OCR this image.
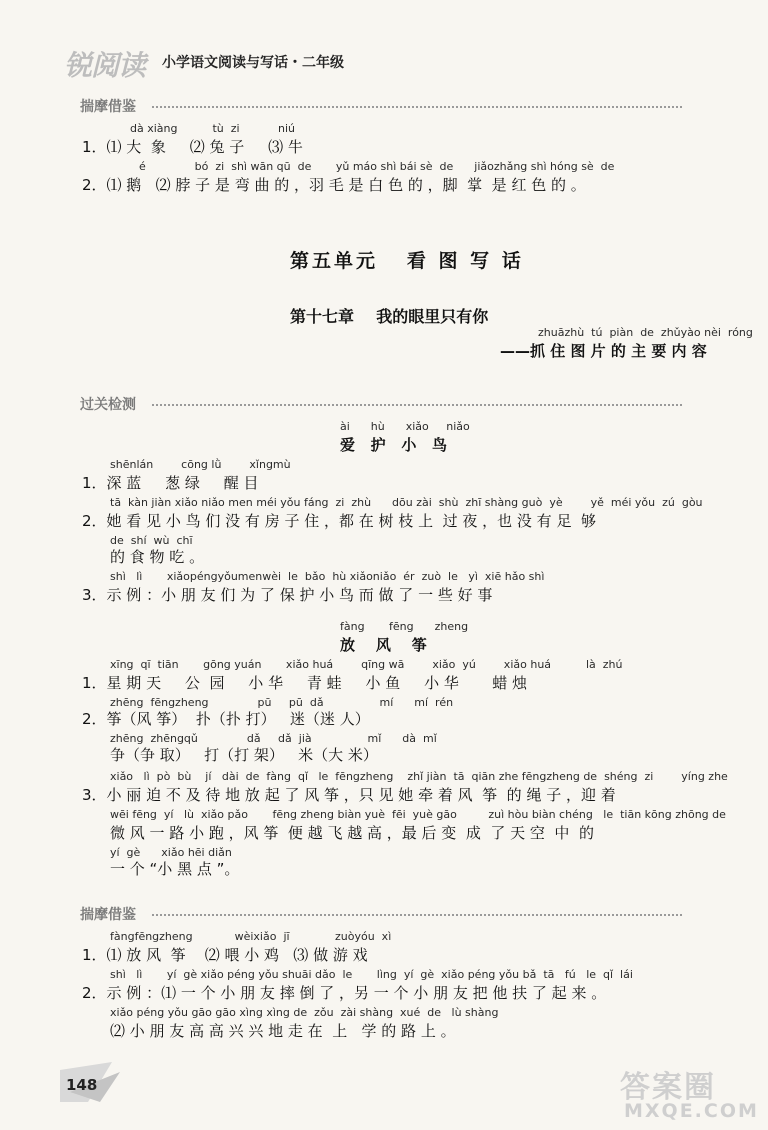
锐阅读	小学语文阅读与写话・二年级
揣摩借鉴
dà xiàng          tù  zi           niú
1．⑴ 大  象     ⑵ 兔 子     ⑶ 牛
é              bó  zi  shì wān qū  de       yǔ máo shì bái sè  de      jiǎozhǎng shì hóng sè  de
2．⑴ 鹅   ⑵ 脖 子 是 弯 曲 的 ，羽 毛 是 白 色 的 ，脚  掌  是 红 色 的 。
第五单元   看 图 写 话
第十七章    我的眼里只有你
zhuāzhù  tú  piàn  de  zhǔyào nèi  róng
——抓 住 图 片 的 主 要 内 容
过关检测
ài      hù      xiǎo     niǎo
爱   护   小   鸟
shēnlán        cōng lǜ        xǐngmù
1．深 蓝     葱 绿     醒 目
tā  kàn jiàn xiǎo niǎo men méi yǒu fáng  zi  zhù      dōu zài  shù  zhī shàng guò  yè        yě  méi yǒu  zú  gòu
2．她 看 见 小 鸟 们 没 有 房 子 住 ，都 在 树 枝 上  过 夜 ，也 没 有 足  够
de  shí  wù  chī
的 食 物 吃 。
shì   lì       xiǎopéngyǒumenwèi  le  bǎo  hù xiǎoniǎo  ér  zuò  le   yì  xiē hǎo shì
3．示 例 ：小 朋 友 们 为 了 保 护 小 鸟 而 做 了 一 些 好 事
fàng       fēng      zheng
放    风    筝
xīng  qī  tiān       gōng yuán       xiǎo huá        qīng wā        xiǎo  yú        xiǎo huá          là  zhú
1．星 期 天     公  园     小 华     青 蛙     小 鱼     小 华       蜡 烛
zhēng  fēngzheng              pū     pū  dǎ                mí      mí  rén
2．筝（风 筝）  扑（扑 打）   迷（迷 人）
zhēng  zhēngqǔ              dǎ     dǎ  jià                mǐ      dà  mǐ
争（争 取）   打（打 架）   米（大 米）
xiǎo   lì  pò  bù    jí   dài  de  fàng  qǐ   le  fēngzheng    zhǐ jiàn  tā  qiān zhe fēngzheng de  shéng  zi        yíng zhe
3．小 丽 迫 不 及 待 地 放 起 了 风 筝 ，只 见 她 牵 着 风  筝  的 绳 子 ，迎 着
wēi fēng  yí   lù  xiǎo pǎo       fēng zheng biàn yuè  fēi  yuè gāo         zuì hòu biàn chéng   le  tiān kōng zhōng de
微 风 一 路 小 跑 ，风 筝  便 越 飞 越 高 ，最 后 变  成  了 天 空  中  的
yí  gè      xiǎo hēi diǎn
一 个 “小 黑 点 ”。
揣摩借鉴
fàngfēngzheng            wèixiǎo  jī             zuòyóu  xì
1．⑴ 放 风  筝    ⑵ 喂 小 鸡   ⑶ 做 游 戏
shì   lì       yí  gè xiǎo péng yǒu shuāi dǎo  le       lìng  yí  gè  xiǎo péng yǒu bǎ  tā   fú   le  qǐ  lái
2．示 例 ：⑴ 一 个 小 朋 友 摔 倒 了 ，另 一 个 小 朋 友 把 他 扶 了 起 来 。
xiǎo péng yǒu gāo gāo xìng xìng de  zǒu  zài shàng  xué  de   lù shàng
⑵ 小 朋 友 高 高 兴 兴 地 走 在  上   学 的 路 上 。
148	答案圈
MXQE.COM
